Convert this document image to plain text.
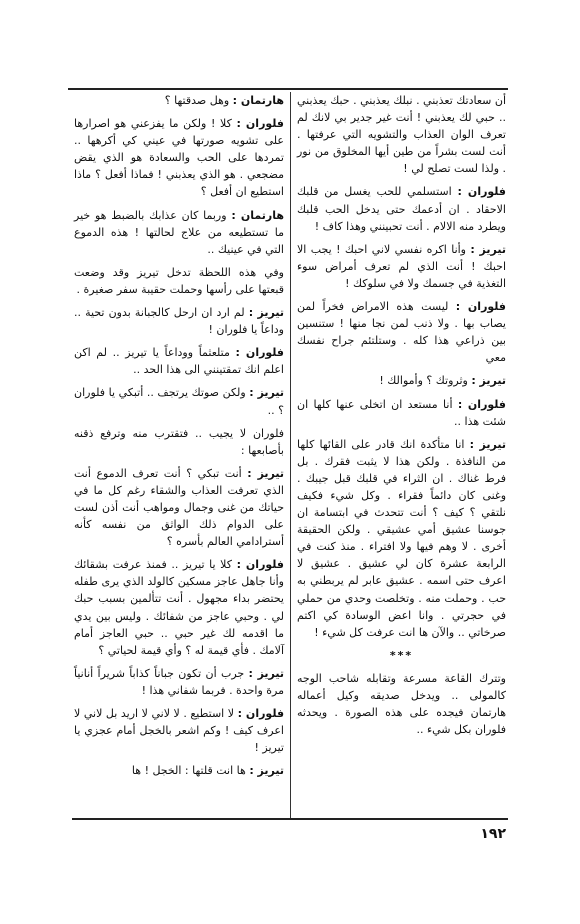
أن سعادتك تعذبني . نبلك يعذبني . حبك يعذبني .. حبي لك يعذبني ! أنت غير جدير بي لانك لم تعرف الوان العذاب والتشويه التي عرفتها . أنت لست بشراً من طين أيها المخلوق من نور . ولذا لست تصلح لي !

فلوران : استسلمي للحب يغسل من قلبك الاحقاد . ان أدعمك حتى يدخل الحب قلبك ويطرد منه الالام . أنت تحبينني وهذا كاف !

تيريز : وأنا اكره نفسي لاني احبك ! يجب الا احبك ! أنت الذي لم تعرف أمراض سوء التغذية في جسمك ولا في سلوكك !

فلوران : ليست هذه الامراض فخراً لمن يصاب بها . ولا ذنب لمن نجا منها ! ستنسين بين ذراعي هذا كله . وستلتئم جراح نفسك معي

تيريز : وثروتك ؟ وأموالك !

فلوران : أنا مستعد ان اتخلى عنها كلها ان شئت هذا ..

تيريز : انا متأكدة انك قادر على القائها كلها من النافذة . ولكن هذا لا يثبت فقرك . بل فرط غناك . ان الثراء في قلبك قبل جيبك . وغنى كان دائماً فقراء . وكل شيء فكيف نلتقي ؟ كيف ؟ أنت تتحدث في ابتسامة ان جوسنا عشيق أمي عشيقي . ولكن الحقيقة أخرى . لا وهم فيها ولا افتراء . منذ كنت في الرابعة عشرة كان لي عشيق . عشيق لا اعرف حتى اسمه . عشيق عابر لم يربطني به حب . وحملت منه . وتخلصت وحدي من حملي في حجرتي . وانا اعض الوسادة كي اكتم صرخاتي .. والآن ها انت عرفت كل شيء !

***

وتترك القاعة مسرعة وتقابله شاحب الوجه كالمولى .. ويدخل صديقه وكيل أعماله هارتمان فيجده على هذه الصورة . ويحدثه فلوران بكل شيء ..

هارتمان : وهل صدقتها ؟

فلوران : كلا ! ولكن ما يفزعني هو اصرارها على تشويه صورتها في عيني كي أكرهها .. تمردها على الحب والسعادة هو الذي يقض مضجعي . هو الذي يعذبني ! فماذا أفعل ؟ ماذا استطيع ان أفعل ؟

هارتمان : وربما كان عذابك بالضبط هو خير ما تستطيعه من علاج لحالتها ! هذه الدموع التي في عينيك ..

وفي هذه اللحظة تدخل تيريز وقد وضعت قبعتها على رأسها وحملت حقيبة سفر صغيرة .

تيريز : لم ارد ان ارحل كالجبانة بدون تحية .. وداعاً يا فلوران !

فلوران : متلعثماً ووداعاً يا تيريز .. لم اكن اعلم انك تمقتينني الى هذا الحد ..

تيريز : ولكن صوتك يرتجف .. أتبكي يا فلوران ؟ ..

فلوران لا يجيب .. فتقترب منه وترفع ذقنه بأصابعها :

تيريز : أنت تبكي ؟ أنت تعرف الدموع أنت الذي تعرفت العذاب والشقاء رغم كل ما في حياتك من غنى وجمال ومواهب أنت أذن لست على الدوام ذلك الواثق من نفسه كأنه أسترادامي العالم بأسره ؟

فلوران : كلا يا تيريز .. فمنذ عرفت بشقائك وأنا جاهل عاجز مسكين كالولد الذي يرى طفله يحتضر بداء مجهول . أنت تتألمين بسبب حبك لي . وحبي عاجز من شفائك . وليس بين يدي ما اقدمه لك غير حبي .. حبي العاجز أمام آلامك . فأي قيمة له ؟ وأي قيمة لحياتي ؟

تيريز : جرب أن تكون جباناً كذاباً شريراً أنانياً مرة واحدة . فربما شفاني هذا !

فلوران : لا استطيع . لا لاني لا اريد بل لاني لا اعرف كيف ! وكم اشعر بالخجل أمام عجزي يا تيريز !

تيريز : ها انت قلتها : الخجل ! ها

١٩٢
